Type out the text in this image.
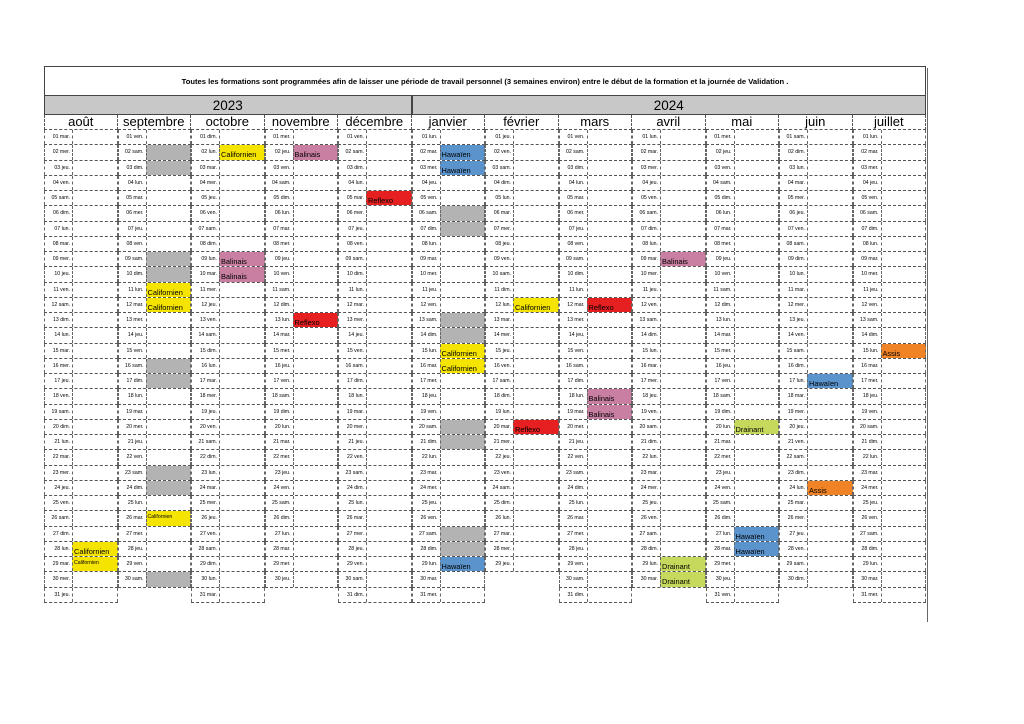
Toutes les formations sont programmées afin de laisser une période de travail personnel (3 semaines environ) entre le début de la formation et la journée de Validation .
2023	2024
août
01 mar.
02 mer.
03 jeu.
04 ven.
05 sam.
06 dim.
07 lun.
08 mar.
09 mer.
10 jeu.
11 ven.
12 sam.
13 dim.
14 lun.
15 mar.
16 mer.
17 jeu.
18 ven.
19 sam.
20 dim.
21 lun.
22 mar.
23 mer.
24 jeu.
25 ven.
26 sam.
27 dim.
28 lun. Californien
29 mar. Californien
30 mer.
31 jeu.
septembre
01 ven.
02 sam.
03 dim.
04 lun.
05 mar.
06 mer.
07 jeu.
08 ven.
09 sam.
10 dim.
11 lun. Californien
12 mar. Californien
13 mer.
14 jeu.
15 ven.
16 sam.
17 dim.
18 lun.
19 mar.
20 mer.
21 jeu.
22 ven.
23 sam.
24 dim.
25 lun.
26 mar. Californien
27 mer.
28 jeu.
29 ven.
30 sam.
octobre
01 dim.
02 lun. Californien
03 mar.
04 mer.
05 jeu.
06 ven.
07 sam.
08 dim.
09 lun. Balinais
10 mar. Balinais
11 mer.
12 jeu.
13 ven.
14 sam.
15 dim.
16 lun.
17 mar.
18 mer.
19 jeu.
20 ven.
21 sam.
22 dim.
23 lun.
24 mar.
25 mer.
26 jeu.
27 ven.
28 sam.
29 dim.
30 lun.
31 mar.
novembre
01 mer.
02 jeu. Balinais
03 ven.
04 sam.
05 dim.
06 lun.
07 mar.
08 mer.
09 jeu.
10 ven.
11 sam.
12 dim.
13 lun. Reflexo
14 mar.
15 mer.
16 jeu.
17 ven.
18 sam.
19 dim.
20 lun.
21 mar.
22 mer.
23 jeu.
24 ven.
25 sam.
26 dim.
27 lun.
28 mar.
29 mer.
30 jeu.
décembre
01 ven.
02 sam.
03 dim.
04 lun.
05 mar. Reflexo
06 mer.
07 jeu.
08 ven.
09 sam.
10 dim.
11 lun.
12 mar.
13 mer.
14 jeu.
15 ven.
16 sam.
17 dim.
18 lun.
19 mar.
20 mer.
21 jeu.
22 ven.
23 sam.
24 dim.
25 lun.
26 mar.
27 mer.
28 jeu.
29 ven.
30 sam.
31 dim.
janvier
01 lun.
02 mar. Hawaïen
03 mer. Hawaïen
04 jeu.
05 ven.
06 sam.
07 dim.
08 lun.
09 mar.
10 mer.
11 jeu.
12 ven.
13 sam.
14 dim.
15 lun. Californien
16 mar. Californien
17 mer.
18 jeu.
19 ven.
20 sam.
21 dim.
22 lun.
23 mar.
24 mer.
25 jeu.
26 ven.
27 sam.
28 dim.
29 lun. Hawaïen
30 mar.
31 mer.
février
01 jeu.
02 ven.
03 sam.
04 dim.
05 lun.
06 mar.
07 mer.
08 jeu.
09 ven.
10 sam.
11 dim.
12 lun. Californien
13 mar.
14 mer.
15 jeu.
16 ven.
17 sam.
18 dim.
19 lun.
20 mar. Reflexo
21 mer.
22 jeu.
23 ven.
24 sam.
25 dim.
26 lun.
27 mar.
28 mer.
29 jeu.
mars
01 ven.
02 sam.
03 dim.
04 lun.
05 mar.
06 mer.
07 jeu.
08 ven.
09 sam.
10 dim.
11 lun.
12 mar. Reflexo
13 mer.
14 jeu.
15 ven.
16 sam.
17 dim.
18 lun. Balinais
19 mar. Balinais
20 mer.
21 jeu.
22 ven.
23 sam.
24 dim.
25 lun.
26 mar.
27 mer.
28 jeu.
29 ven.
30 sam.
31 dim.
avril
01 lun.
02 mar.
03 mer.
04 jeu.
05 ven.
06 sam.
07 dim.
08 lun.
09 mar. Balinais
10 mer.
11 jeu.
12 ven.
13 sam.
14 dim.
15 lun.
16 mar.
17 mer.
18 jeu.
19 ven.
20 sam.
21 dim.
22 lun.
23 mar.
24 mer.
25 jeu.
26 ven.
27 sam.
28 dim.
29 lun. Drainant
30 mar. Drainant
mai
01 mer.
02 jeu.
03 ven.
04 sam.
05 dim.
06 lun.
07 mar.
08 mer.
09 jeu.
10 ven.
11 sam.
12 dim.
13 lun.
14 mar.
15 mer.
16 jeu.
17 ven.
18 sam.
19 dim.
20 lun. Drainant
21 mar.
22 mer.
23 jeu.
24 ven.
25 sam.
26 dim.
27 lun. Hawaïen
28 mar. Hawaïen
29 mer.
30 jeu.
31 ven.
juin
01 sam.
02 dim.
03 lun.
04 mar.
05 mer.
06 jeu.
07 ven.
08 sam.
09 dim.
10 lun.
11 mar.
12 mer.
13 jeu.
14 ven.
15 sam.
16 dim.
17 lun. Hawaïen
18 mar.
19 mer.
20 jeu.
21 ven.
22 sam.
23 dim.
24 lun. Assis
25 mar.
26 mer.
27 jeu.
28 ven.
29 sam.
30 dim.
juillet
01 lun.
02 mar.
03 mer.
04 jeu.
05 ven.
06 sam.
07 dim.
08 lun.
09 mar.
10 mer.
11 jeu.
12 ven.
13 sam.
14 dim.
15 lun. Assis
16 mar.
17 mer.
18 jeu.
19 ven.
20 sam.
21 dim.
22 lun.
23 mar.
24 mer.
25 jeu.
26 ven.
27 sam.
28 dim.
29 lun.
30 mar.
31 mer.
